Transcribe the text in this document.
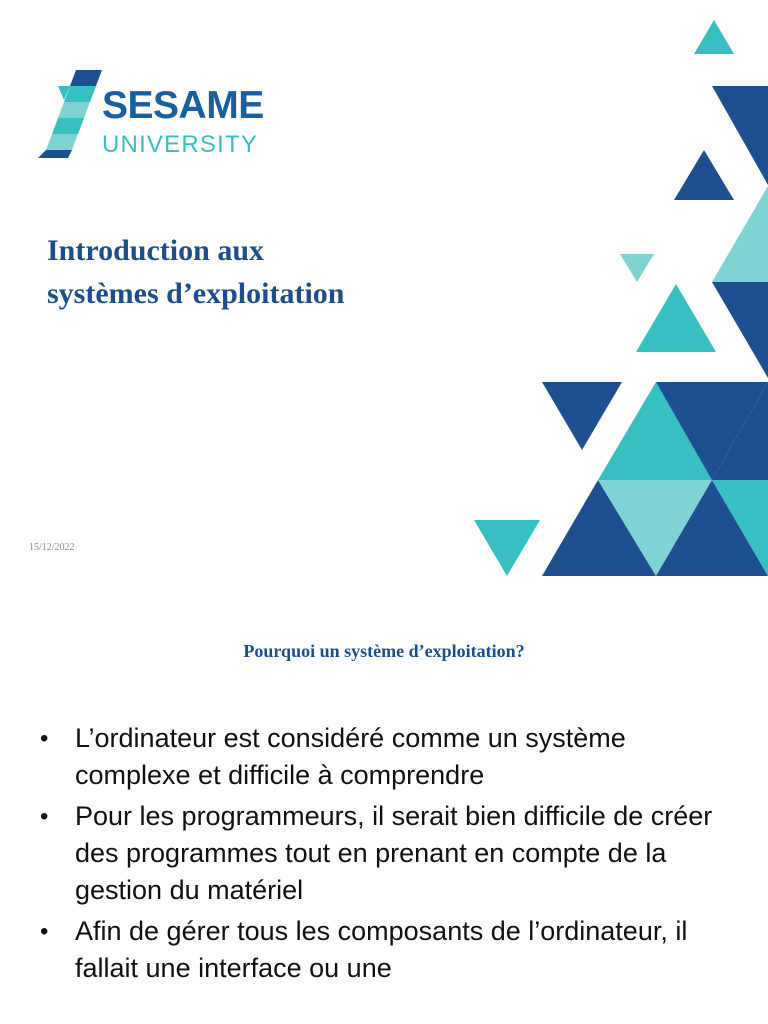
SESAME
UNIVERSITY
Introduction aux
systèmes d’exploitation
15/12/2022
Pourquoi un système d’exploitation?
• L’ordinateur est considéré comme un système complexe et difficile à comprendre
• Pour les programmeurs, il serait bien difficile de créer des programmes tout en prenant en compte de la gestion du matériel
• Afin de gérer tous les composants de l’ordinateur, il fallait une interface ou une
